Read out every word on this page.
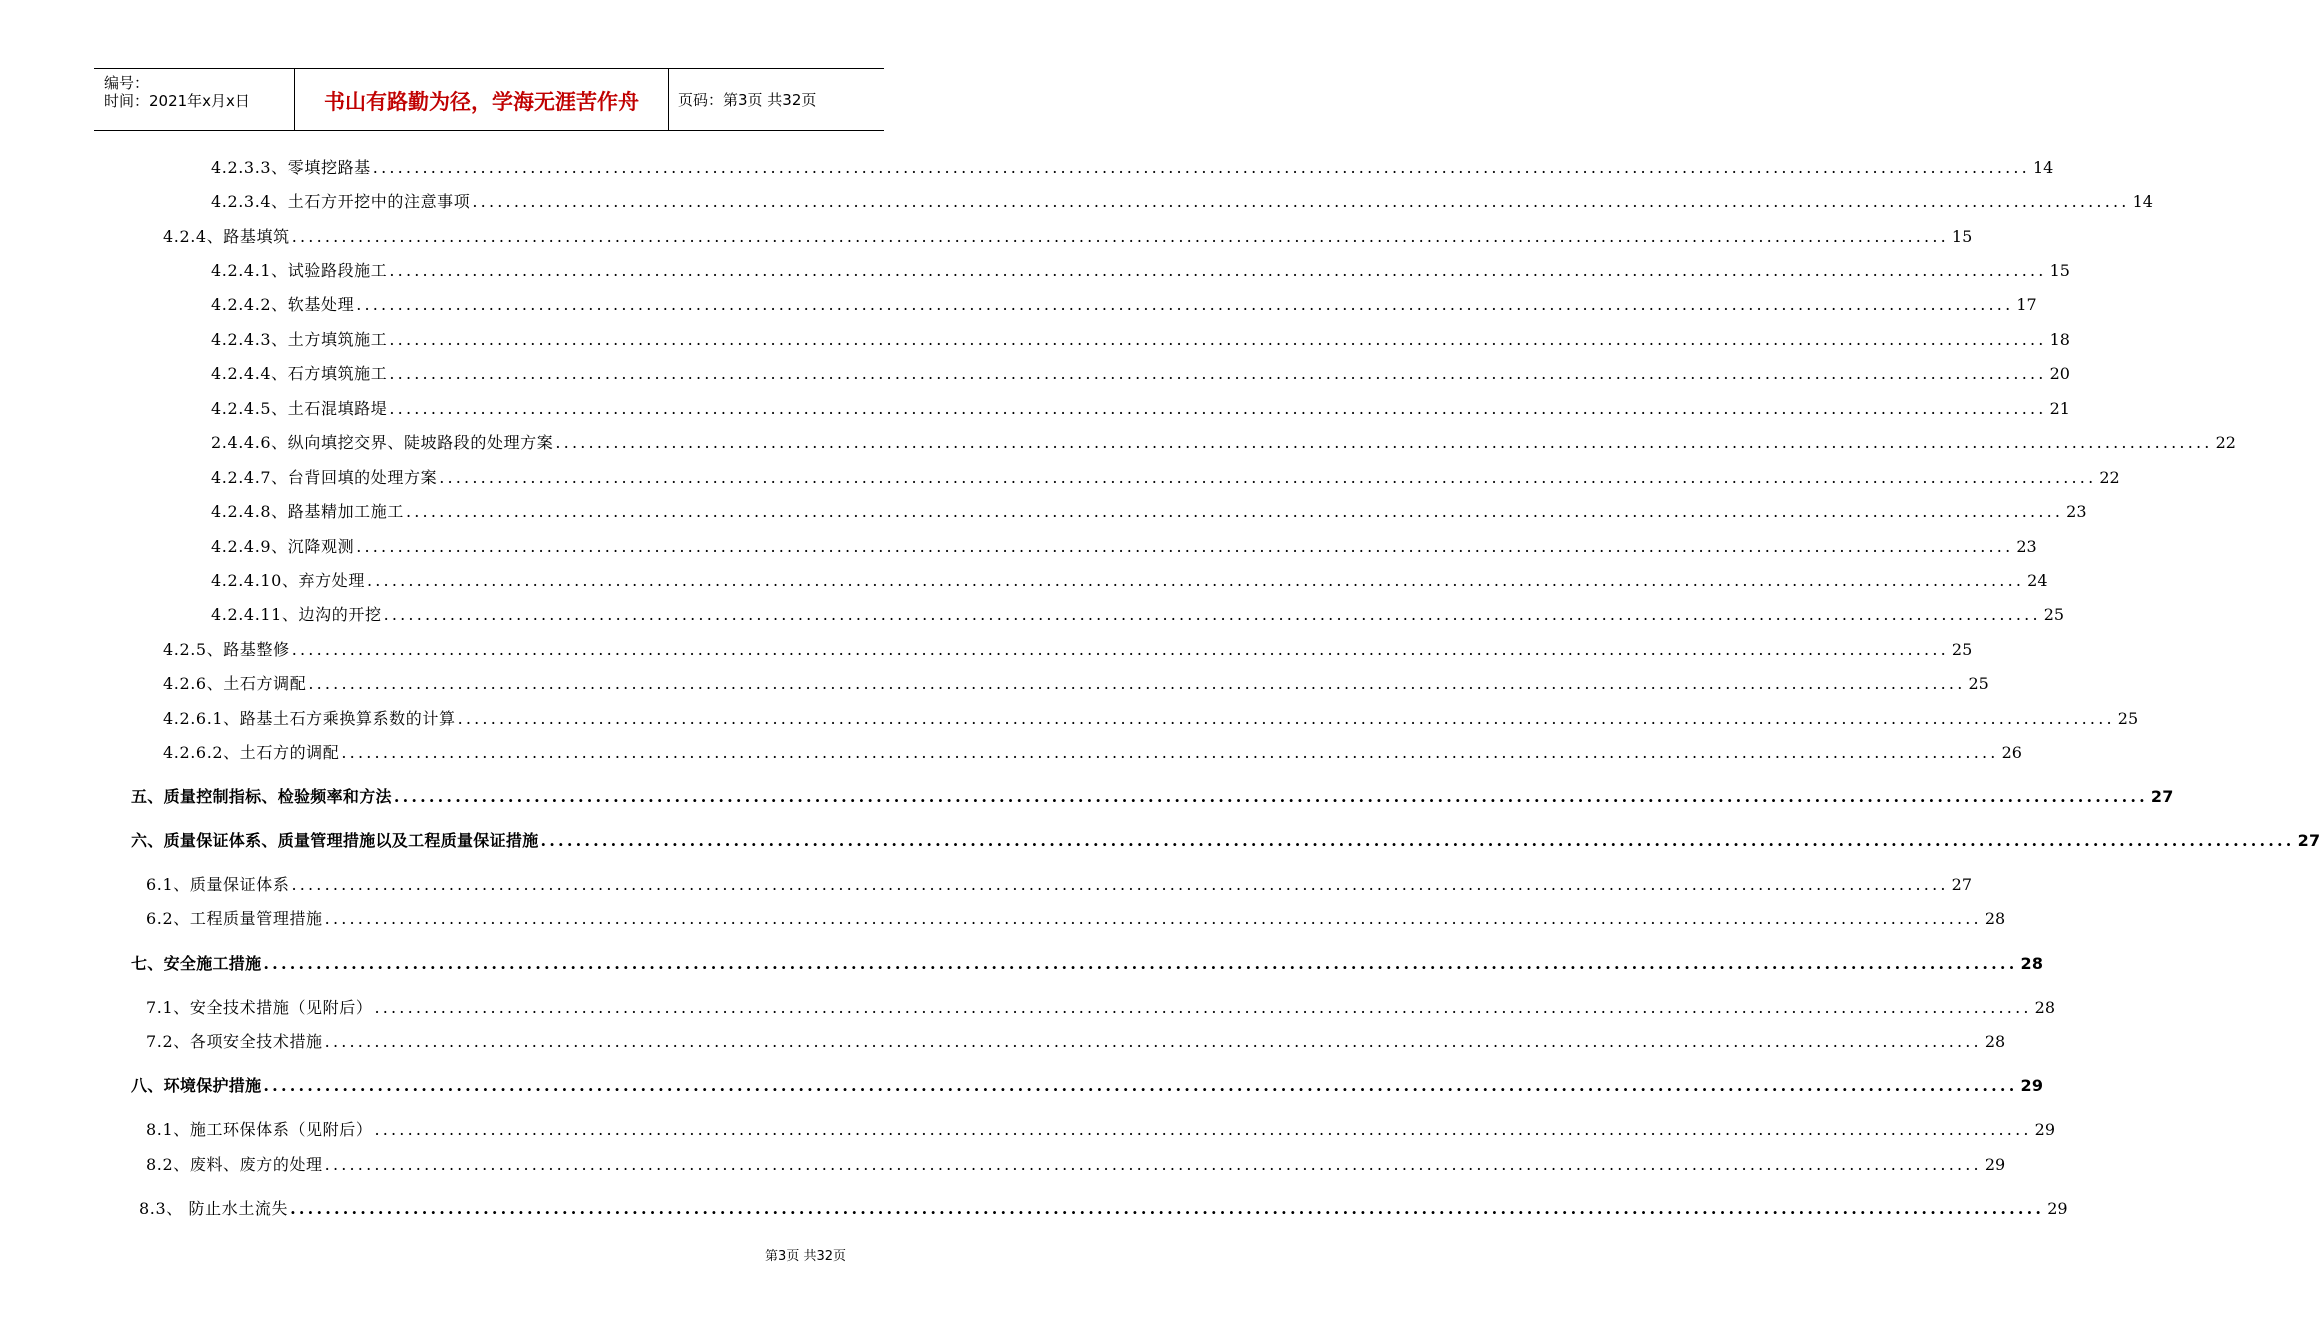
编号：
时间：2021年x月x日	书山有路勤为径，学海无涯苦作舟	页码：第3页 共32页
4.2.3.3、零填挖路基 ........................................................................................................................................................................................................ 14
4.2.3.4、土石方开挖中的注意事项 ........................................................................................................................................................................................................ 14
4.2.4、路基填筑 ........................................................................................................................................................................................................ 15
4.2.4.1、试验路段施工 ........................................................................................................................................................................................................ 15
4.2.4.2、软基处理 ........................................................................................................................................................................................................ 17
4.2.4.3、土方填筑施工 ........................................................................................................................................................................................................ 18
4.2.4.4、石方填筑施工 ........................................................................................................................................................................................................ 20
4.2.4.5、土石混填路堤 ........................................................................................................................................................................................................ 21
2.4.4.6、纵向填挖交界、陡坡路段的处理方案 ........................................................................................................................................................................................................ 22
4.2.4.7、台背回填的处理方案 ........................................................................................................................................................................................................ 22
4.2.4.8、路基精加工施工 ........................................................................................................................................................................................................ 23
4.2.4.9、沉降观测 ........................................................................................................................................................................................................ 23
4.2.4.10、弃方处理 ........................................................................................................................................................................................................ 24
4.2.4.11、边沟的开挖 ........................................................................................................................................................................................................ 25
4.2.5、路基整修 ........................................................................................................................................................................................................ 25
4.2.6、土石方调配 ........................................................................................................................................................................................................ 25
4.2.6.1、路基土石方乘换算系数的计算 ........................................................................................................................................................................................................ 25
4.2.6.2、土石方的调配 ........................................................................................................................................................................................................ 26
五、质量控制指标、检验频率和方法 ........................................................................................................................................................................................................ 27
六、质量保证体系、质量管理措施以及工程质量保证措施 ........................................................................................................................................................................................................ 27
6.1、质量保证体系 ........................................................................................................................................................................................................ 27
6.2、工程质量管理措施 ........................................................................................................................................................................................................ 28
七、安全施工措施 ........................................................................................................................................................................................................ 28
7.1、安全技术措施（见附后） ........................................................................................................................................................................................................ 28
7.2、各项安全技术措施 ........................................................................................................................................................................................................ 28
八、环境保护措施 ........................................................................................................................................................................................................ 29
8.1、施工环保体系（见附后） ........................................................................................................................................................................................................ 29
8.2、废料、废方的处理 ........................................................................................................................................................................................................ 29
8.3、 防止水土流失 ........................................................................................................................................................................................................ 29
第3页 共32页
